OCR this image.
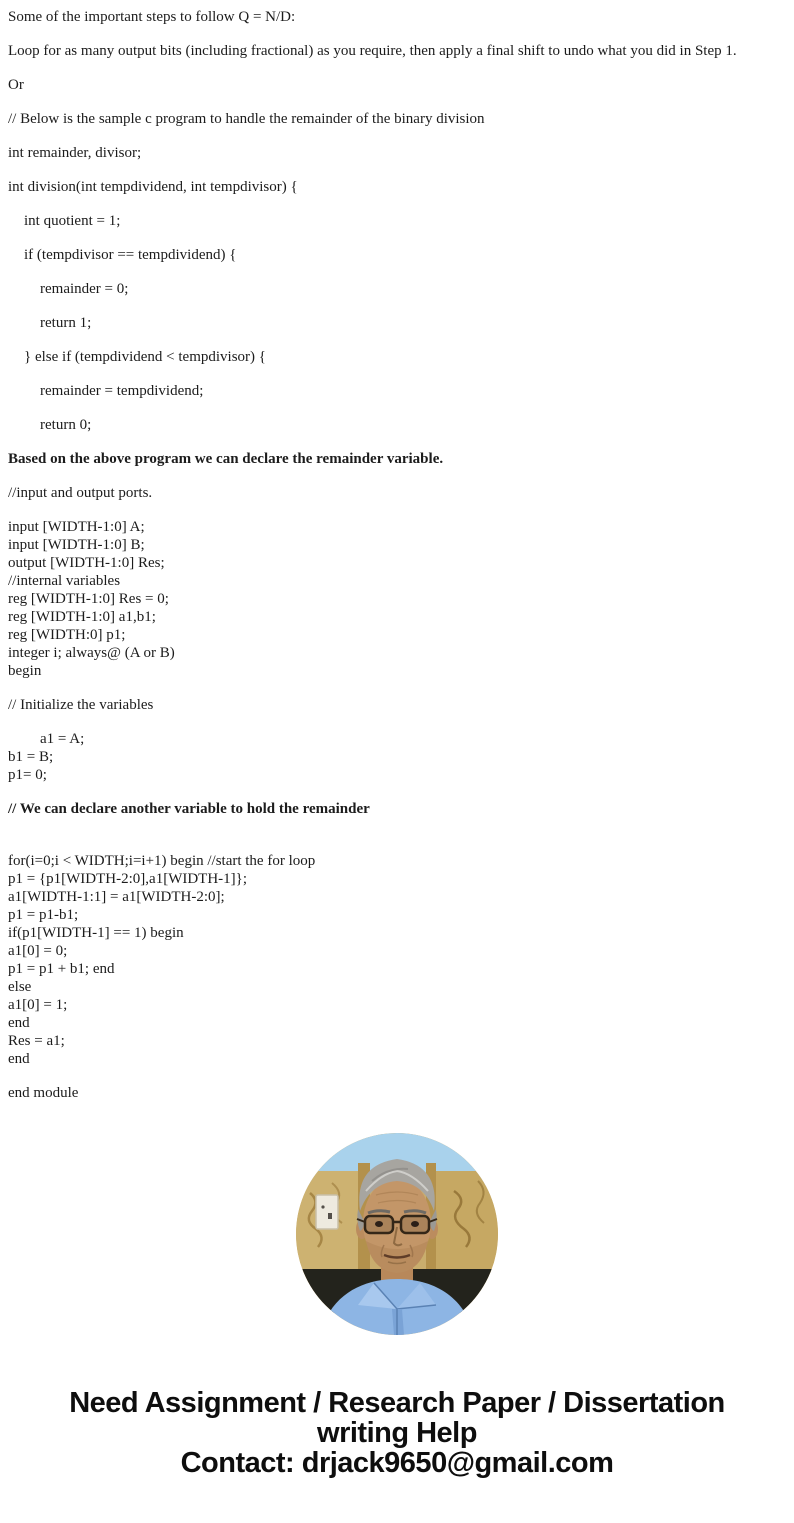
Some of the important steps to follow Q = N/D:
Loop for as many output bits (including fractional) as you require, then apply a final shift to undo what you did in Step 1.
Or
// Below is the sample c program to handle the remainder of the binary division
int remainder, divisor;
int division(int tempdividend, int tempdivisor) {
int quotient = 1;
if (tempdivisor == tempdividend) {
remainder = 0;
return 1;
} else if (tempdividend < tempdivisor) {
remainder = tempdividend;
return 0;
Based on the above program we can declare the remainder variable.
//input and output ports.
input [WIDTH-1:0] A;
input [WIDTH-1:0] B;
output [WIDTH-1:0] Res;
//internal variables
reg [WIDTH-1:0] Res = 0;
reg [WIDTH-1:0] a1,b1;
reg [WIDTH:0] p1;
integer i; always@ (A or B)
begin
// Initialize the variables
a1 = A;
b1 = B;
p1= 0;
// We can declare another variable to hold the remainder
for(i=0;i < WIDTH;i=i+1) begin //start the for loop
p1 = {p1[WIDTH-2:0],a1[WIDTH-1]};
a1[WIDTH-1:1] = a1[WIDTH-2:0];
p1 = p1-b1;
if(p1[WIDTH-1] == 1) begin
a1[0] = 0;
p1 = p1 + b1; end
else
a1[0] = 1;
end
Res = a1;
end
end module
Need Assignment / Research Paper / Dissertation
writing Help
Contact: drjack9650@gmail.com
